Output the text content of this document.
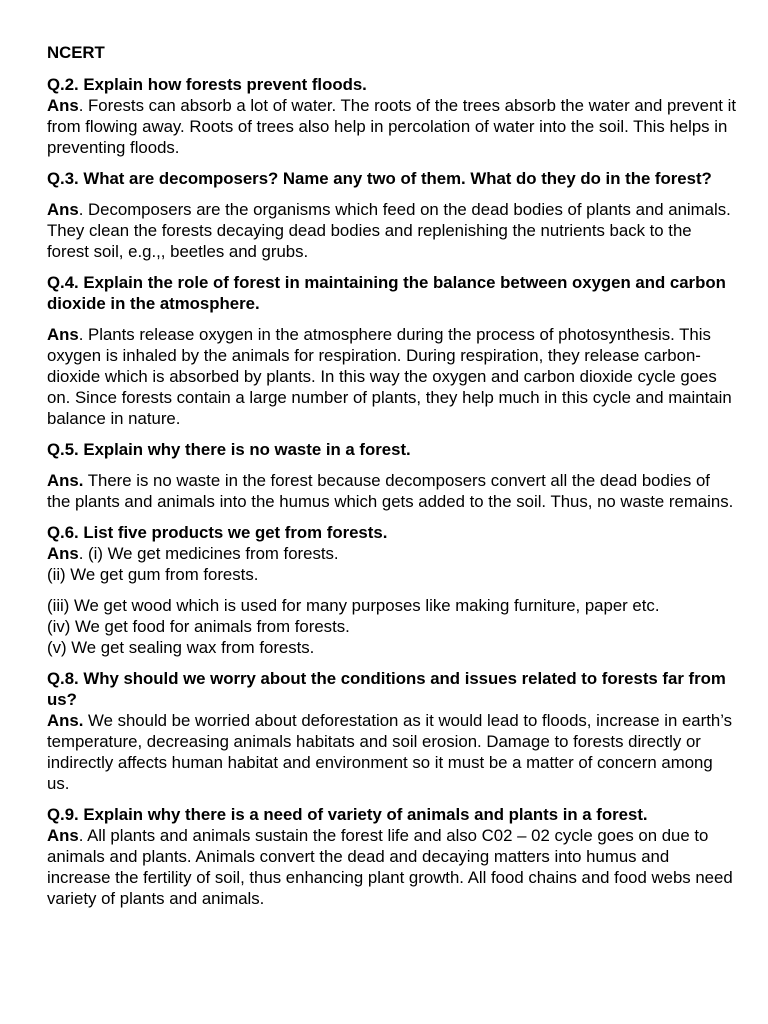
NCERT

Q.2. Explain how forests prevent floods.

Ans. Forests can absorb a lot of water. The roots of the trees absorb the water and prevent it from flowing away. Roots of trees also help in percolation of water into the soil. This helps in preventing floods.

Q.3. What are decomposers? Name any two of them. What do they do in the forest?

Ans. Decomposers are the organisms which feed on the dead bodies of plants and animals. They clean the forests decaying dead bodies and replenishing the nutrients back to the forest soil, e.g.,, beetles and grubs.

Q.4. Explain the role of forest in maintaining the balance between oxygen and carbon dioxide in the atmosphere.

Ans. Plants release oxygen in the atmosphere during the process of photosynthesis. This oxygen is inhaled by the animals for respiration. During respiration, they release carbon-dioxide which is absorbed by plants. In this way the oxygen and carbon dioxide cycle goes on. Since forests contain a large number of plants, they help much in this cycle and maintain balance in nature.

Q.5. Explain why there is no waste in a forest.

Ans. There is no waste in the forest because decomposers convert all the dead bodies of the plants and animals into the humus which gets added to the soil. Thus, no waste remains.

Q.6. List five products we get from forests.

Ans. (i) We get medicines from forests.

(ii) We get gum from forests.

(iii) We get wood which is used for many purposes like making furniture, paper etc.

(iv) We get food for animals from forests.

(v) We get sealing wax from forests.

Q.8. Why should we worry about the conditions and issues related to forests far from us?

Ans. We should be worried about deforestation as it would lead to floods, increase in earth’s temperature, decreasing animals habitats and soil erosion. Damage to forests directly or indirectly affects human habitat and environment so it must be a matter of concern among us.

Q.9. Explain why there is a need of variety of animals and plants in a forest.

Ans. All plants and animals sustain the forest life and also C02 – 02 cycle goes on due to animals and plants. Animals convert the dead and decaying matters into humus and increase the fertility of soil, thus enhancing plant growth. All food chains and food webs need variety of plants and animals.
